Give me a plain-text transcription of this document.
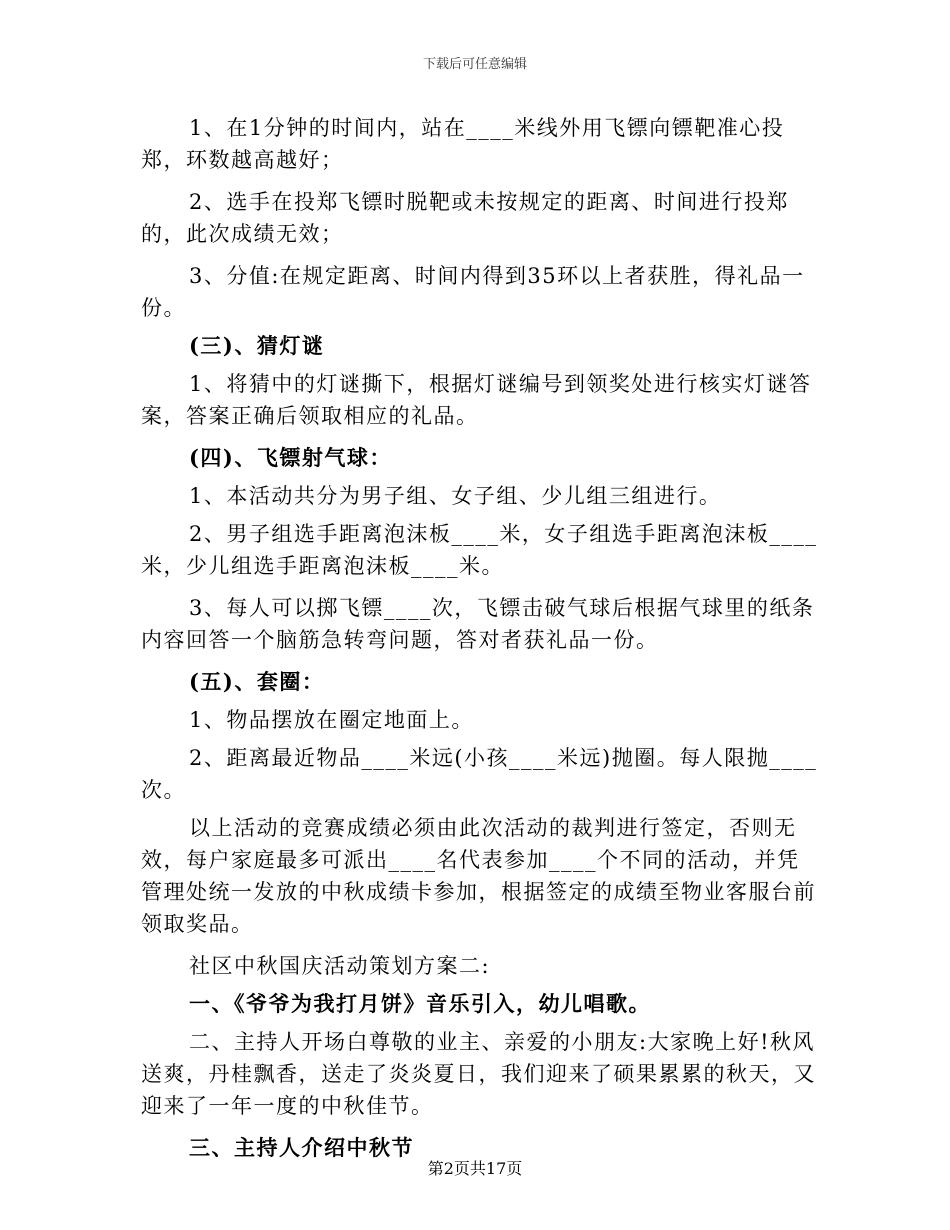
下载后可任意编辑

1、在1分钟的时间内，站在____米线外用飞镖向镖靶准心投郑，环数越高越好；

2、选手在投郑飞镖时脱靶或未按规定的距离、时间进行投郑的，此次成绩无效；

3、分值:在规定距离、时间内得到35环以上者获胜，得礼品一份。

(三)、猜灯谜

1、将猜中的灯谜撕下，根据灯谜编号到领奖处进行核实灯谜答案，答案正确后领取相应的礼品。

(四)、飞镖射气球：

1、本活动共分为男子组、女子组、少儿组三组进行。

2、男子组选手距离泡沫板____米，女子组选手距离泡沫板____米，少儿组选手距离泡沫板____米。

3、每人可以掷飞镖____次，飞镖击破气球后根据气球里的纸条内容回答一个脑筋急转弯问题，答对者获礼品一份。

(五)、套圈：

1、物品摆放在圈定地面上。

2、距离最近物品____米远(小孩____米远)抛圈。每人限抛____次。

以上活动的竞赛成绩必须由此次活动的裁判进行签定，否则无效，每户家庭最多可派出____名代表参加____个不同的活动，并凭管理处统一发放的中秋成绩卡参加，根据签定的成绩至物业客服台前领取奖品。

社区中秋国庆活动策划方案二:

一、《爷爷为我打月饼》音乐引入，幼儿唱歌。

二、主持人开场白尊敬的业主、亲爱的小朋友:大家晚上好!秋风送爽，丹桂飘香，送走了炎炎夏日，我们迎来了硕果累累的秋天，又迎来了一年一度的中秋佳节。

三、主持人介绍中秋节

第2页共17页
